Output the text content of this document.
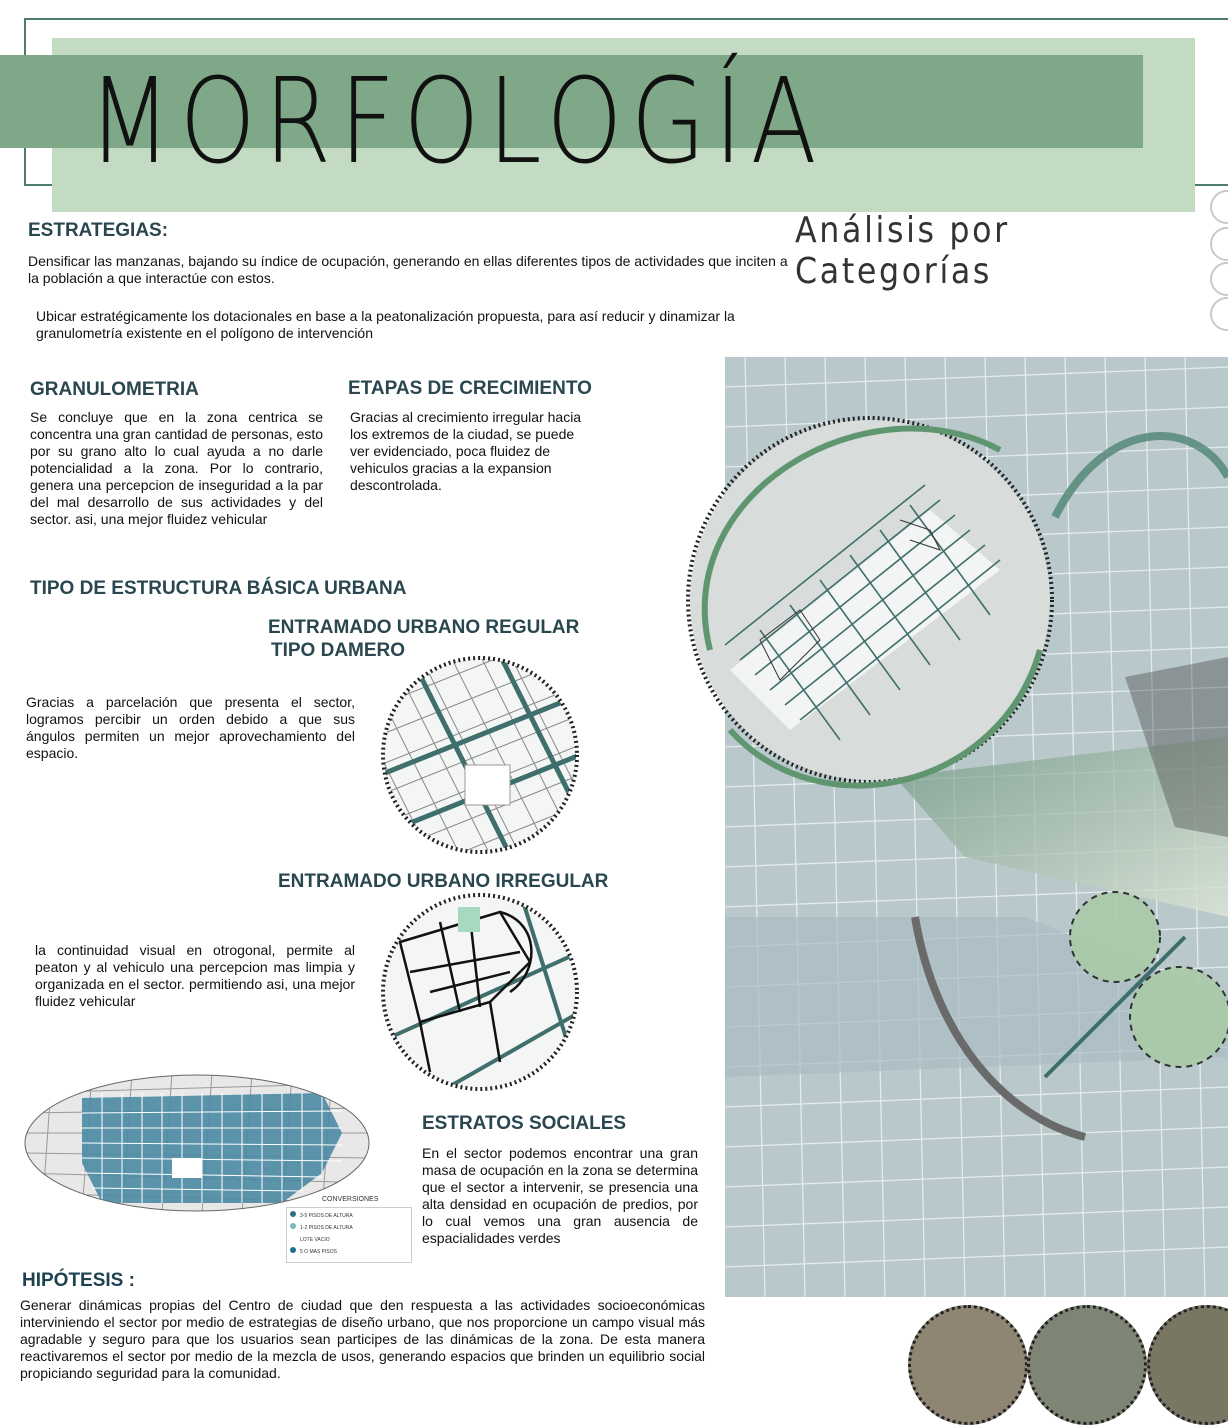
MORFOLOGÍA
Análisis por Categorías
ESTRATEGIAS:
Densificar las manzanas, bajando su índice de ocupación, generando en ellas diferentes tipos de actividades que inciten a la población a que interactúe con estos.
Ubicar estratégicamente los dotacionales en base a la peatonalización propuesta, para así reducir y dinamizar la granulometría existente en el polígono de intervención
GRANULOMETRIA
Se concluye que en la zona centrica se concentra una gran cantidad de personas, esto por su grano alto lo cual ayuda a no darle potencialidad a la zona. Por lo contrario, genera una percepcion de inseguridad a la par del mal desarrollo de sus actividades y del sector. asi, una mejor fluidez vehicular
ETAPAS DE CRECIMIENTO
Gracias al crecimiento irregular hacia los extremos de la ciudad, se puede ver evidenciado, poca fluidez de vehiculos gracias a la expansion descontrolada.
TIPO DE ESTRUCTURA BÁSICA URBANA
ENTRAMADO URBANO REGULAR
TIPO DAMERO
Gracias a parcelación que presenta el sector, logramos percibir un orden debido a que sus ángulos permiten un mejor aprovechamiento del espacio.
ENTRAMADO URBANO IRREGULAR
la continuidad visual en otrogonal, permite al peaton y al vehiculo una percepcion mas limpia y organizada en el sector. permitiendo asi, una mejor fluidez vehicular
CONVERSIONES
3-5 PISOS DE ALTURA
1-2 PISOS DE ALTURA
LOTE VACIO
5 O MAS PISOS
ESTRATOS SOCIALES
En el sector podemos encontrar una gran masa de ocupación en la zona se determina que el sector a intervenir, se presencia una alta densidad en ocupación de predios, por lo cual vemos una gran ausencia de espacialidades verdes
HIPÓTESIS :
Generar dinámicas propias del Centro de ciudad que den respuesta a las actividades socioeconómicas interviniendo el sector por medio de estrategias de diseño urbano, que nos proporcione un campo visual más agradable y seguro para que los usuarios sean participes de las dinámicas de la zona. De esta manera reactivaremos el sector por medio de la mezcla de usos, generando espacios que brinden un equilibrio social propiciando seguridad para la comunidad.
